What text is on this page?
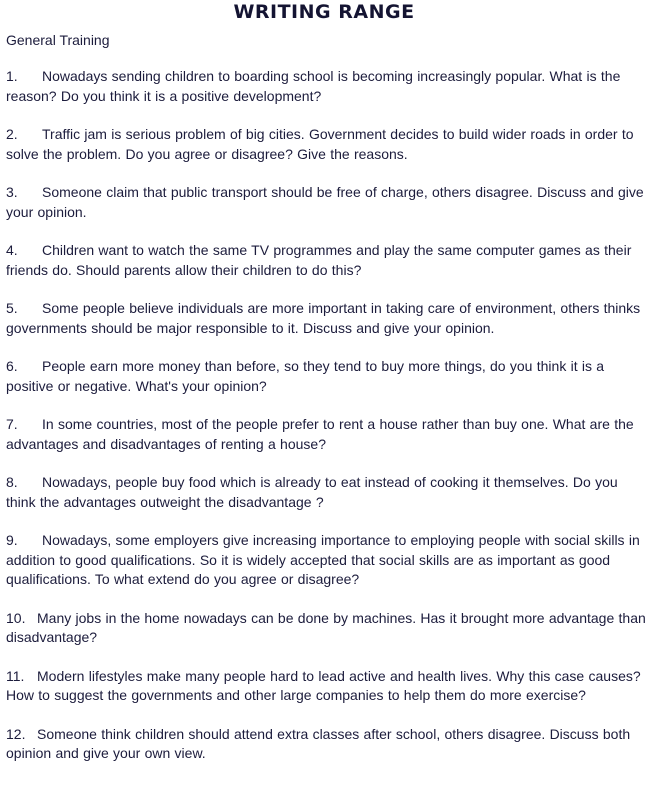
WRITING RANGE
General Training
1. Nowadays sending children to boarding school is becoming increasingly popular. What is the reason? Do you think it is a positive development?
2. Traffic jam is serious problem of big cities. Government decides to build wider roads in order to solve the problem. Do you agree or disagree? Give the reasons.
3. Someone claim that public transport should be free of charge, others disagree. Discuss and give your opinion.
4. Children want to watch the same TV programmes and play the same computer games as their friends do. Should parents allow their children to do this?
5. Some people believe individuals are more important in taking care of environment, others thinks governments should be major responsible to it. Discuss and give your opinion.
6. People earn more money than before, so they tend to buy more things, do you think it is a positive or negative. What's your opinion?
7. In some countries, most of the people prefer to rent a house rather than buy one. What are the advantages and disadvantages of renting a house?
8. Nowadays, people buy food which is already to eat instead of cooking it themselves. Do you think the advantages outweight the disadvantage ?
9. Nowadays, some employers give increasing importance to employing people with social skills in addition to good qualifications. So it is widely accepted that social skills are as important as good qualifications. To what extend do you agree or disagree?
10. Many jobs in the home nowadays can be done by machines. Has it brought more advantage than disadvantage?
11. Modern lifestyles make many people hard to lead active and health lives. Why this case causes? How to suggest the governments and other large companies to help them do more exercise?
12. Someone think children should attend extra classes after school, others disagree. Discuss both opinion and give your own view.
